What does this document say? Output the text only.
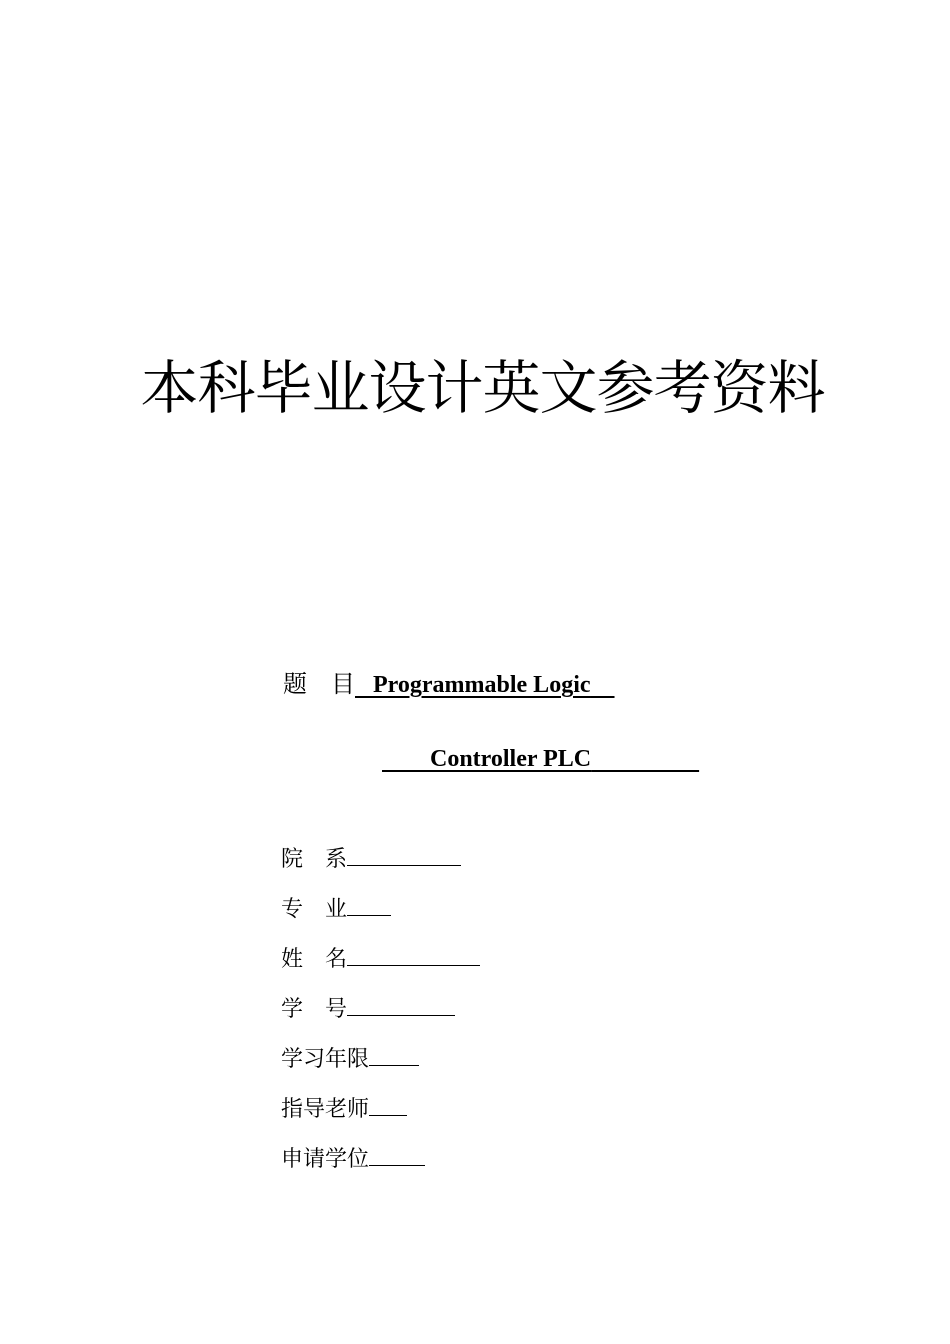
本科毕业设计英文参考资料
题　目 Programmable Logic
Controller PLC
院　系
专　业
姓　名
学　号
学习年限
指导老师
申请学位
